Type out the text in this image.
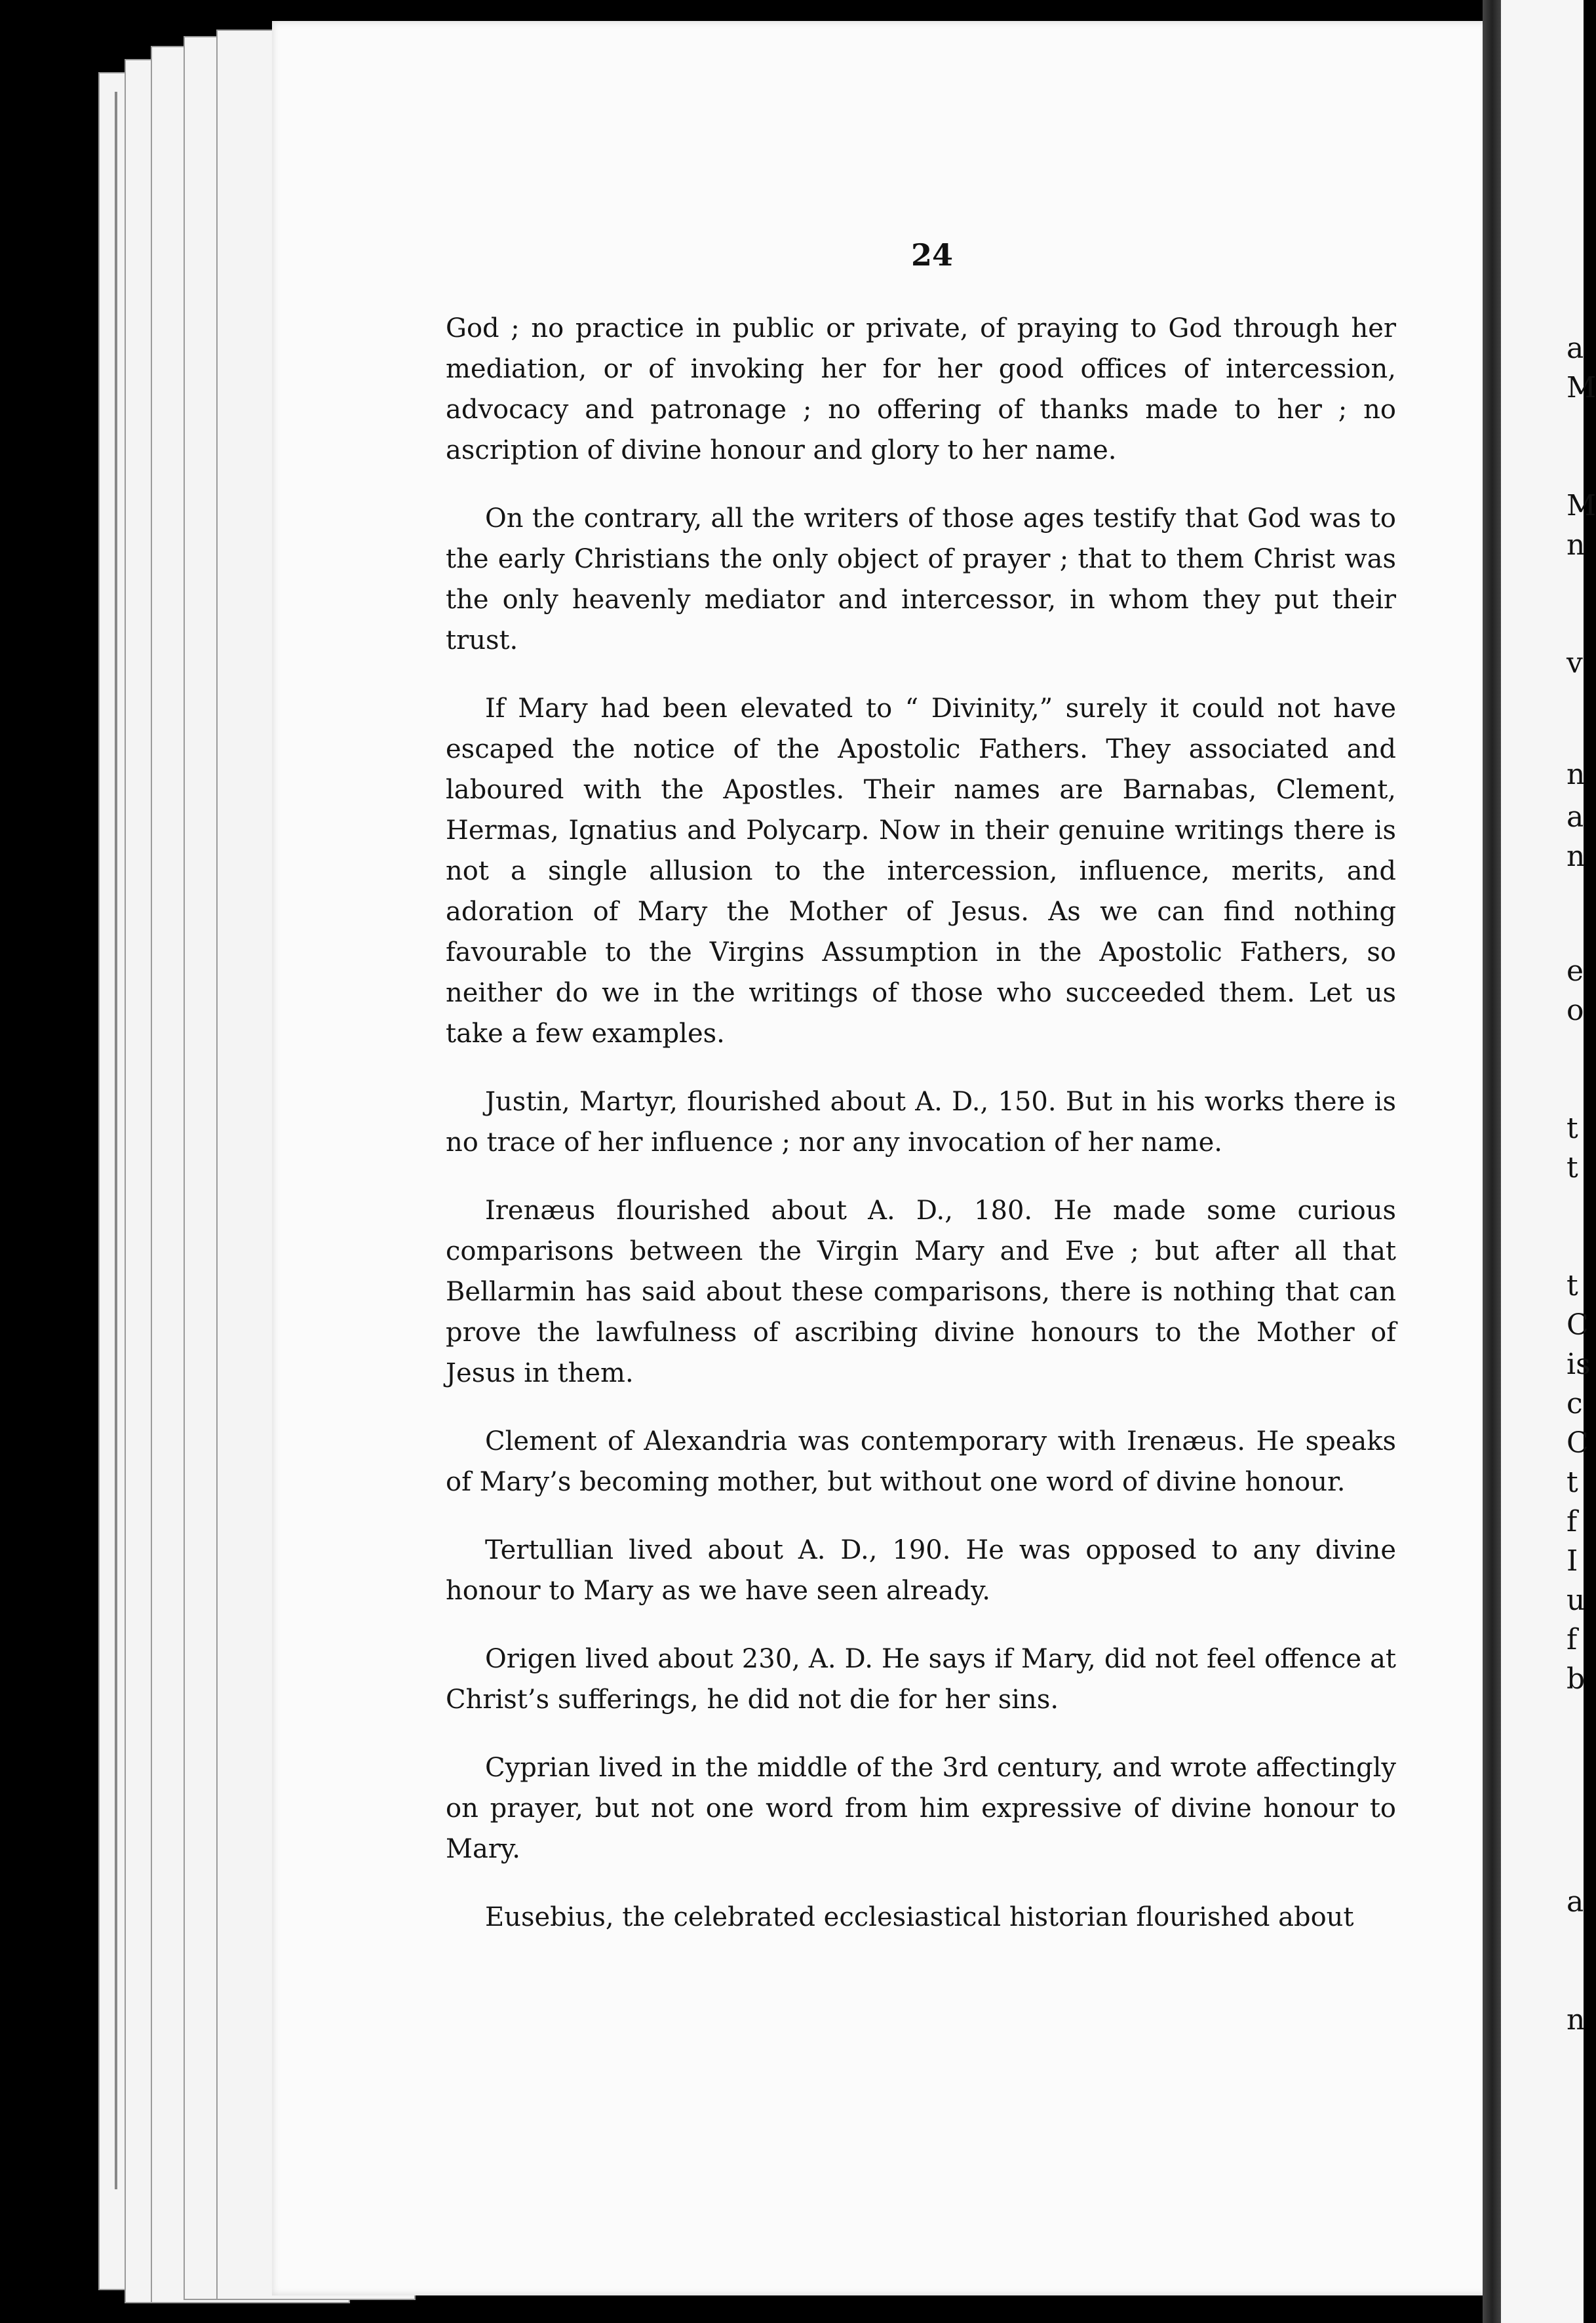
a
M
M
n
v
n
a
n
e
o
t
t
t
C
is
c
C
t
f
I
u
f
b
a
n
24

God ; no practice in public or private, of praying to God through her mediation, or of invoking her for her good offices of intercession, advocacy and patronage ; no offering of thanks made to her ; no ascription of divine honour and glory to her name.

On the contrary, all the writers of those ages testify that God was to the early Christians the only object of prayer ; that to them Christ was the only heavenly mediator and intercessor, in whom they put their trust.

If Mary had been elevated to “ Divinity,” surely it could not have escaped the notice of the Apostolic Fathers. They associated and laboured with the Apostles. Their names are Barnabas, Clement, Hermas, Ignatius and Polycarp. Now in their genuine writings there is not a single allusion to the intercession, influence, merits, and adoration of Mary the Mother of Jesus. As we can find nothing favourable to the Virgins Assumption in the Apostolic Fathers, so neither do we in the writings of those who succeeded them. Let us take a few examples.

Justin, Martyr, flourished about A. D., 150. But in his works there is no trace of her influence ; nor any invocation of her name.

Irenæus flourished about A. D., 180. He made some curious comparisons between the Virgin Mary and Eve ; but after all that Bellarmin has said about these comparisons, there is nothing that can prove the lawfulness of ascribing divine honours to the Mother of Jesus in them.

Clement of Alexandria was contemporary with Irenæus. He speaks of Mary’s becoming mother, but without one word of divine honour.

Tertullian lived about A. D., 190. He was opposed to any divine honour to Mary as we have seen already.

Origen lived about 230, A. D. He says if Mary, did not feel offence at Christ’s sufferings, he did not die for her sins.

Cyprian lived in the middle of the 3rd century, and wrote affectingly on prayer, but not one word from him expressive of divine honour to Mary.

Eusebius, the celebrated ecclesiastical historian flourished about
